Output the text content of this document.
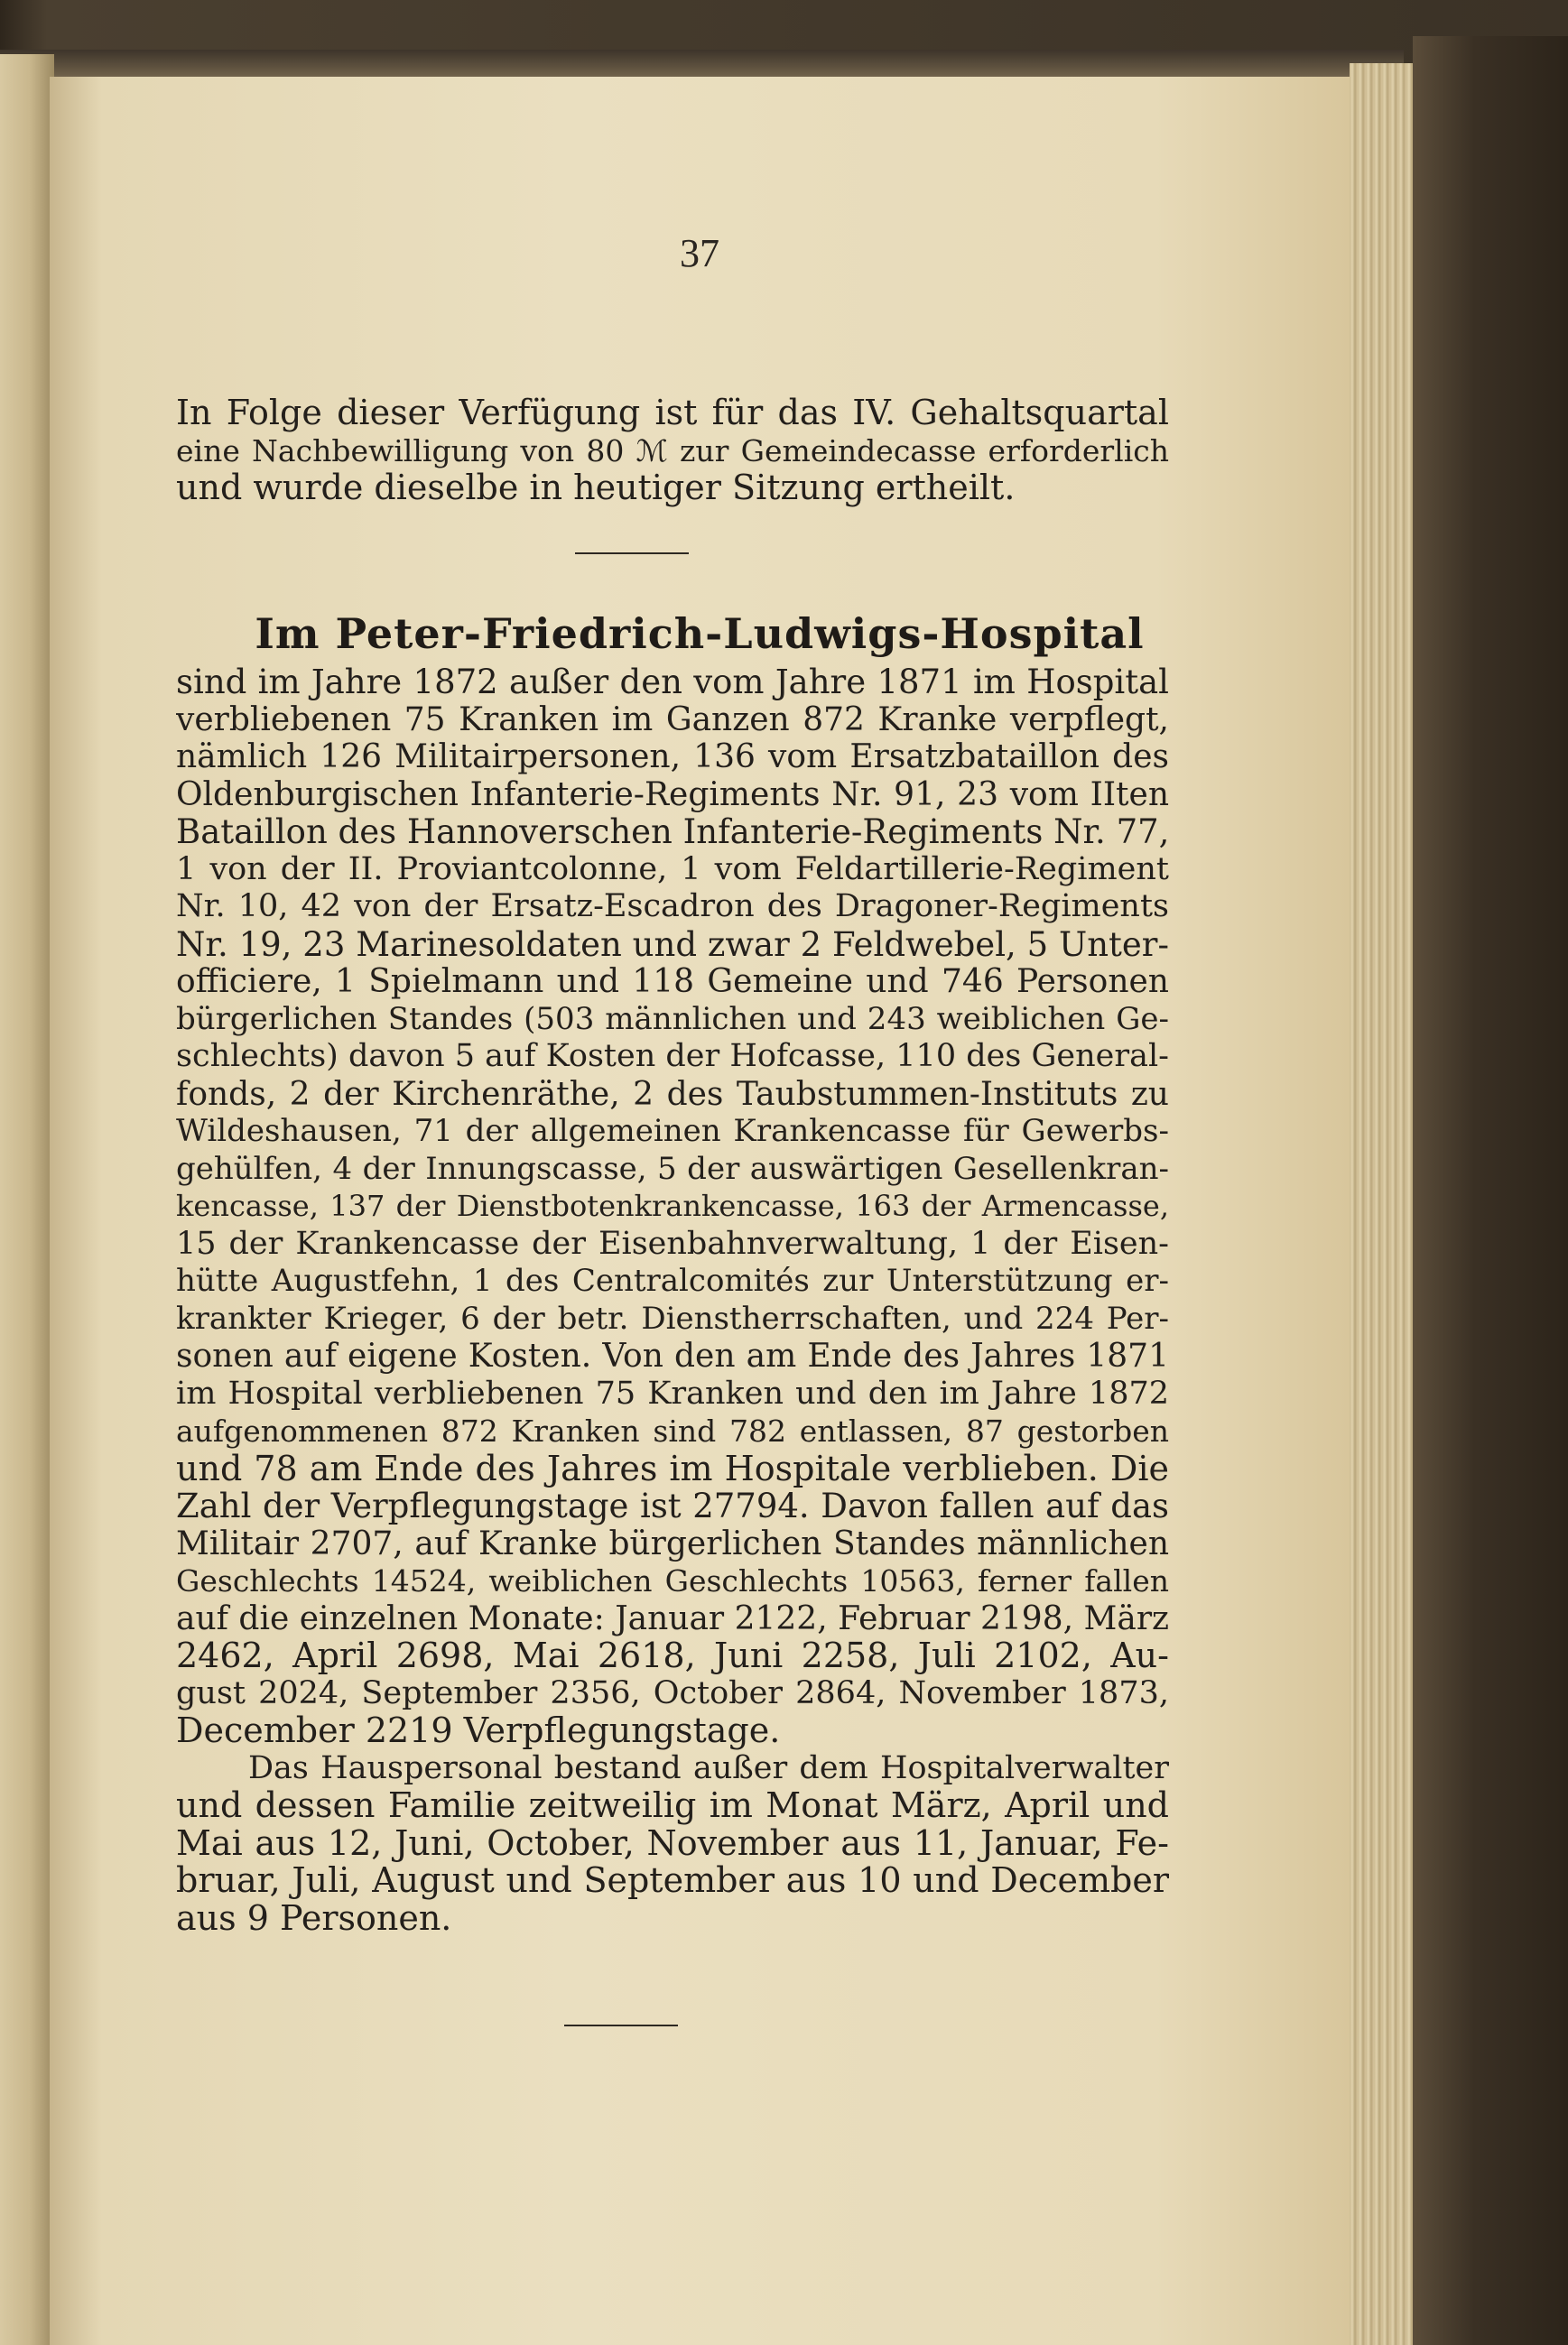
37
In Folge dieser Verfügung ist für das IV. Gehaltsquartal
eine Nachbewilligung von 80 ℳ zur Gemeindecasse erforderlich
und wurde dieselbe in heutiger Sitzung ertheilt.
Im Peter-Friedrich-Ludwigs-Hospital
sind im Jahre 1872 außer den vom Jahre 1871 im Hospital
verbliebenen 75 Kranken im Ganzen 872 Kranke verpflegt,
nämlich 126 Militairpersonen, 136 vom Ersatzbataillon des
Oldenburgischen Infanterie-Regiments Nr. 91, 23 vom IIten
Bataillon des Hannoverschen Infanterie-Regiments Nr. 77,
1 von der II. Proviantcolonne, 1 vom Feldartillerie-Regiment
Nr. 10, 42 von der Ersatz-Escadron des Dragoner-Regiments
Nr. 19, 23 Marinesoldaten und zwar 2 Feldwebel, 5 Unter-
officiere, 1 Spielmann und 118 Gemeine und 746 Personen
bürgerlichen Standes (503 männlichen und 243 weiblichen Ge-
schlechts) davon 5 auf Kosten der Hofcasse, 110 des General-
fonds, 2 der Kirchenräthe, 2 des Taubstummen-Instituts zu
Wildeshausen, 71 der allgemeinen Krankencasse für Gewerbs-
gehülfen, 4 der Innungscasse, 5 der auswärtigen Gesellenkran-
kencasse, 137 der Dienstbotenkrankencasse, 163 der Armencasse,
15 der Krankencasse der Eisenbahnverwaltung, 1 der Eisen-
hütte Augustfehn, 1 des Centralcomités zur Unterstützung er-
krankter Krieger, 6 der betr. Dienstherrschaften, und 224 Per-
sonen auf eigene Kosten. Von den am Ende des Jahres 1871
im Hospital verbliebenen 75 Kranken und den im Jahre 1872
aufgenommenen 872 Kranken sind 782 entlassen, 87 gestorben
und 78 am Ende des Jahres im Hospitale verblieben. Die
Zahl der Verpflegungstage ist 27794. Davon fallen auf das
Militair 2707, auf Kranke bürgerlichen Standes männlichen
Geschlechts 14524, weiblichen Geschlechts 10563, ferner fallen
auf die einzelnen Monate: Januar 2122, Februar 2198, März
2462, April 2698, Mai 2618, Juni 2258, Juli 2102, Au-
gust 2024, September 2356, October 2864, November 1873,
December 2219 Verpflegungstage.
Das Hauspersonal bestand außer dem Hospitalverwalter
und dessen Familie zeitweilig im Monat März, April und
Mai aus 12, Juni, October, November aus 11, Januar, Fe-
bruar, Juli, August und September aus 10 und December
aus 9 Personen.
